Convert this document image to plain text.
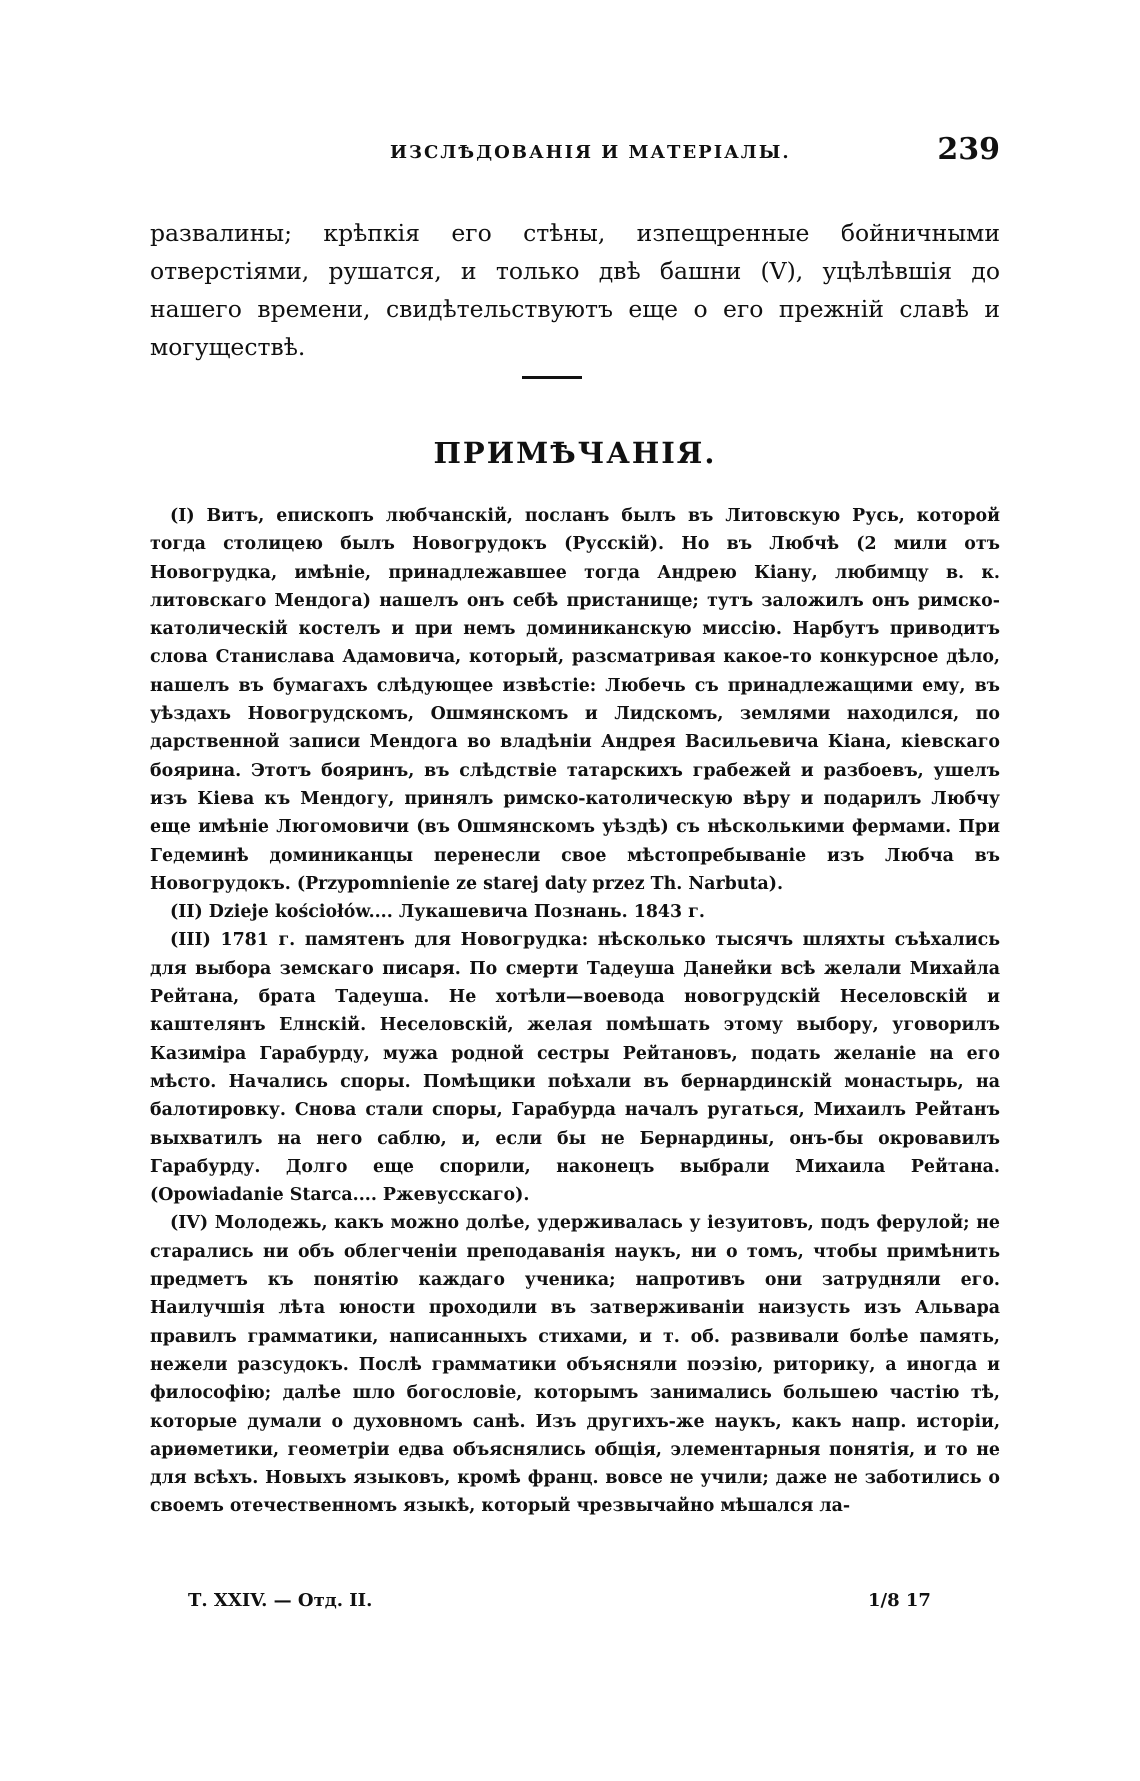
ИЗСЛѢДОВАНІЯ И МАТЕРІАЛЫ.	239

развалины; крѣпкія его стѣны, изпещренные бойничными отверстіями, рушатся, и только двѣ башни (V), уцѣлѣвшія до нашего времени, свидѣтельствуютъ еще о его прежній славѣ и могуществѣ.

ПРИМѢЧАНІЯ.

(I) Витъ, епископъ любчанскій, посланъ былъ въ Литовскую Русь, которой тогда столицею былъ Новогрудокъ (Русскій). Но въ Любчѣ (2 мили отъ Новогрудка, имѣніе, принадлежавшее тогда Андрею Кіану, любимцу в. к. литовскаго Мендога) нашелъ онъ себѣ пристанище; тутъ заложилъ онъ римско-католическій костелъ и при немъ доминиканскую миссію. Нарбутъ приводитъ слова Станислава Адамовича, который, разсматривая какое-то конкурсное дѣло, нашелъ въ бумагахъ слѣдующее извѣстіе: Любечь съ принадлежащими ему, въ уѣздахъ Новогрудскомъ, Ошмянскомъ и Лидскомъ, землями находился, по дарственной записи Мендога во владѣніи Андрея Васильевича Кіана, кіевскаго боярина. Этотъ бояринъ, въ слѣдствіе татарскихъ грабежей и разбоевъ, ушелъ изъ Кіева къ Мендогу, принялъ римско-католическую вѣру и подарилъ Любчу еще имѣніе Люгомовичи (въ Ошмянскомъ уѣздѣ) съ нѣсколькими фермами. При Гедеминѣ доминиканцы перенесли свое мѣстопребываніе изъ Любча въ Новогрудокъ. (Przypomnienie ze starej daty przez Th. Narbuta).

(II) Dzieje kościołów.... Лукашевича Познань. 1843 г.

(III) 1781 г. памятенъ для Новогрудка: нѣсколько тысячъ шляхты съѣхались для выбора земскаго писаря. По смерти Тадеуша Данейки всѣ желали Михайла Рейтана, брата Тадеуша. Не хотѣли—воевода новогрудскій Неселовскій и каштелянъ Елнскій. Неселовскій, желая помѣшать этому выбору, уговорилъ Казиміра Гарабурду, мужа родной сестры Рейтановъ, подать желаніе на его мѣсто. Начались споры. Помѣщики поѣхали въ бернардинскій монастырь, на балотировку. Снова стали споры, Гарабурда началъ ругаться, Михаилъ Рейтанъ выхватилъ на него саблю, и, если бы не Бернардины, онъ-бы окровавилъ Гарабурду. Долго еще спорили, наконецъ выбрали Михаила Рейтана. (Opowiadanie Starca.... Ржевусскаго).

(IV) Молодежь, какъ можно долѣе, удерживалась у іезуитовъ, подъ ферулой; не старались ни объ облегченіи преподаванія наукъ, ни о томъ, чтобы примѣнить предметъ къ понятію каждаго ученика; напротивъ они затрудняли его. Наилучшія лѣта юности проходили въ затверживаніи наизусть изъ Альвара правилъ грамматики, написанныхъ стихами, и т. об. развивали болѣе память, нежели разсудокъ. Послѣ грамматики объясняли поэзію, риторику, а иногда и философію; далѣе шло богословіе, которымъ занимались большею частію тѣ, которые думали о духовномъ санѣ. Изъ другихъ-же наукъ, какъ напр. исторіи, ариѳметики, геометріи едва объяснялись общія, элементарныя понятія, и то не для всѣхъ. Новыхъ языковъ, кромѣ франц. вовсе не учили; даже не заботились о своемъ отечественномъ языкѣ, который чрезвычайно мѣшался ла-

Т. XXIV. — Отд. II.	1/8 17
